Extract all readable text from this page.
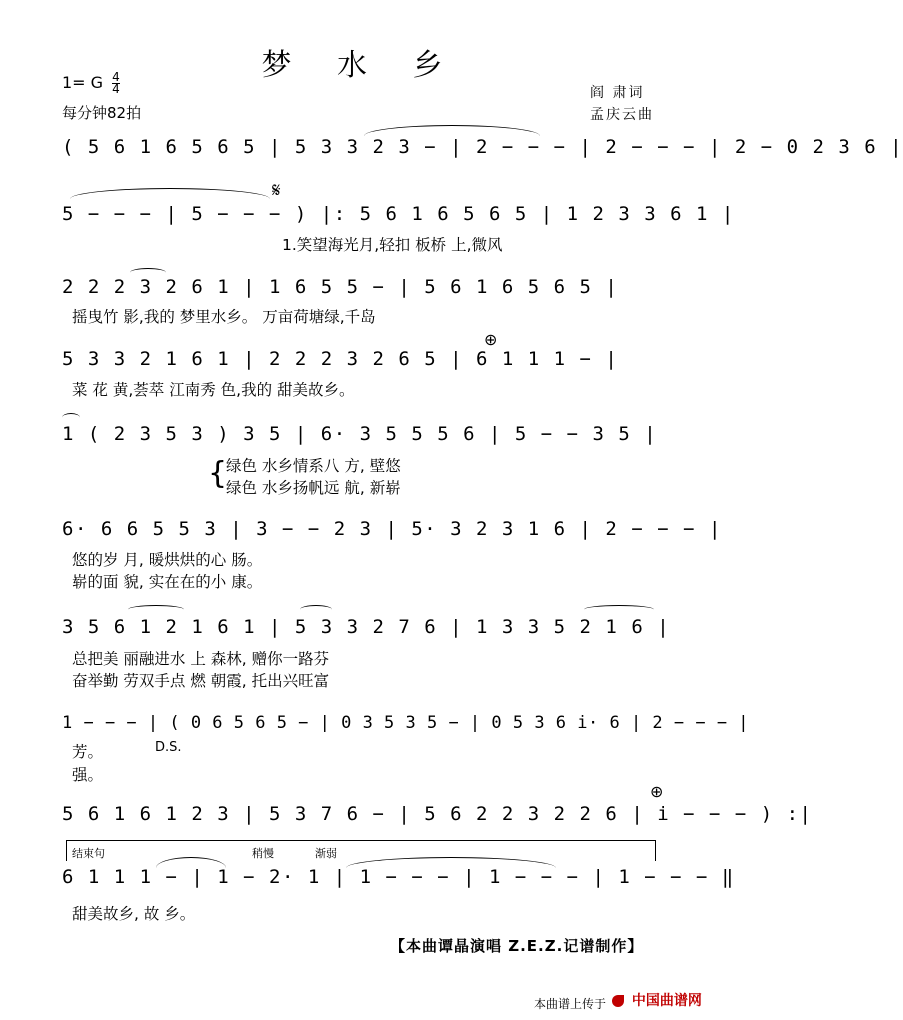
梦 水 乡
1= G $\frac{4}{4}$
每分钟82拍
阎 肃词
孟庆云曲
( 5 6 1 6 5 6 5 | 5 3 3 2 3 − | 2 − − − | 2 − − − | 2 − 0 2 3 6 |
5 − − − | 5 − − − ) |: 5 6 1 6 5 6 5 | 1 2 3 3 6 1 |
𝄋
1.笑望海光月,轻扣 板桥 上,微风
2 2 2 3 2 6 1 | 1 6 5 5 − | 5 6 1 6 5 6 5 |
摇曳竹 影,我的 梦里水乡。 万亩荷塘绿,千岛
5 3 3 2 1 6 1 | 2 2 2 3 2 6 5 | 6 1 1 1 − |
⊕
菜 花 黄,荟萃 江南秀 色,我的 甜美故乡。
1 ( 2 3 5 3 ) 3 5 | 6· 3 5 5 5 6 | 5 − − 3 5 |
{
绿色 水乡情系八 方, 壁悠
绿色 水乡扬帆远 航, 新崭
6· 6 6 5 5 3 | 3 − − 2 3 | 5· 3 2 3 1 6 | 2 − − − |
悠的岁 月, 暖烘烘的心 肠。
崭的面 貌, 实在在的小 康。
3 5 6 1 2 1 6 1 | 5 3 3 2 7 6 | 1 3 3 5 2 1 6 |
总把美 丽融进水 上 森林, 赠你一路芬
奋举勤 劳双手点 燃 朝霞, 托出兴旺富
1 − − − | ( 0 6 5 6 5 − | 0 3 5 3 5 − | 0 5 3 6 i· 6 | 2 − − − |
芳。	D.S.
强。
5 6 1 6 1 2 3 | 5 3 7 6 − | 5 6 2 2 3 2 2 6 | i − − − ) :|
⊕
结束句	稍慢	渐弱
6 1 1 1 − | 1 − 2· 1 | 1 − − − | 1 − − − | 1 − − − ‖
甜美故乡, 故 乡。
【本曲谭晶演唱 Z.E.Z.记谱制作】
本曲谱上传于	中国曲谱网
